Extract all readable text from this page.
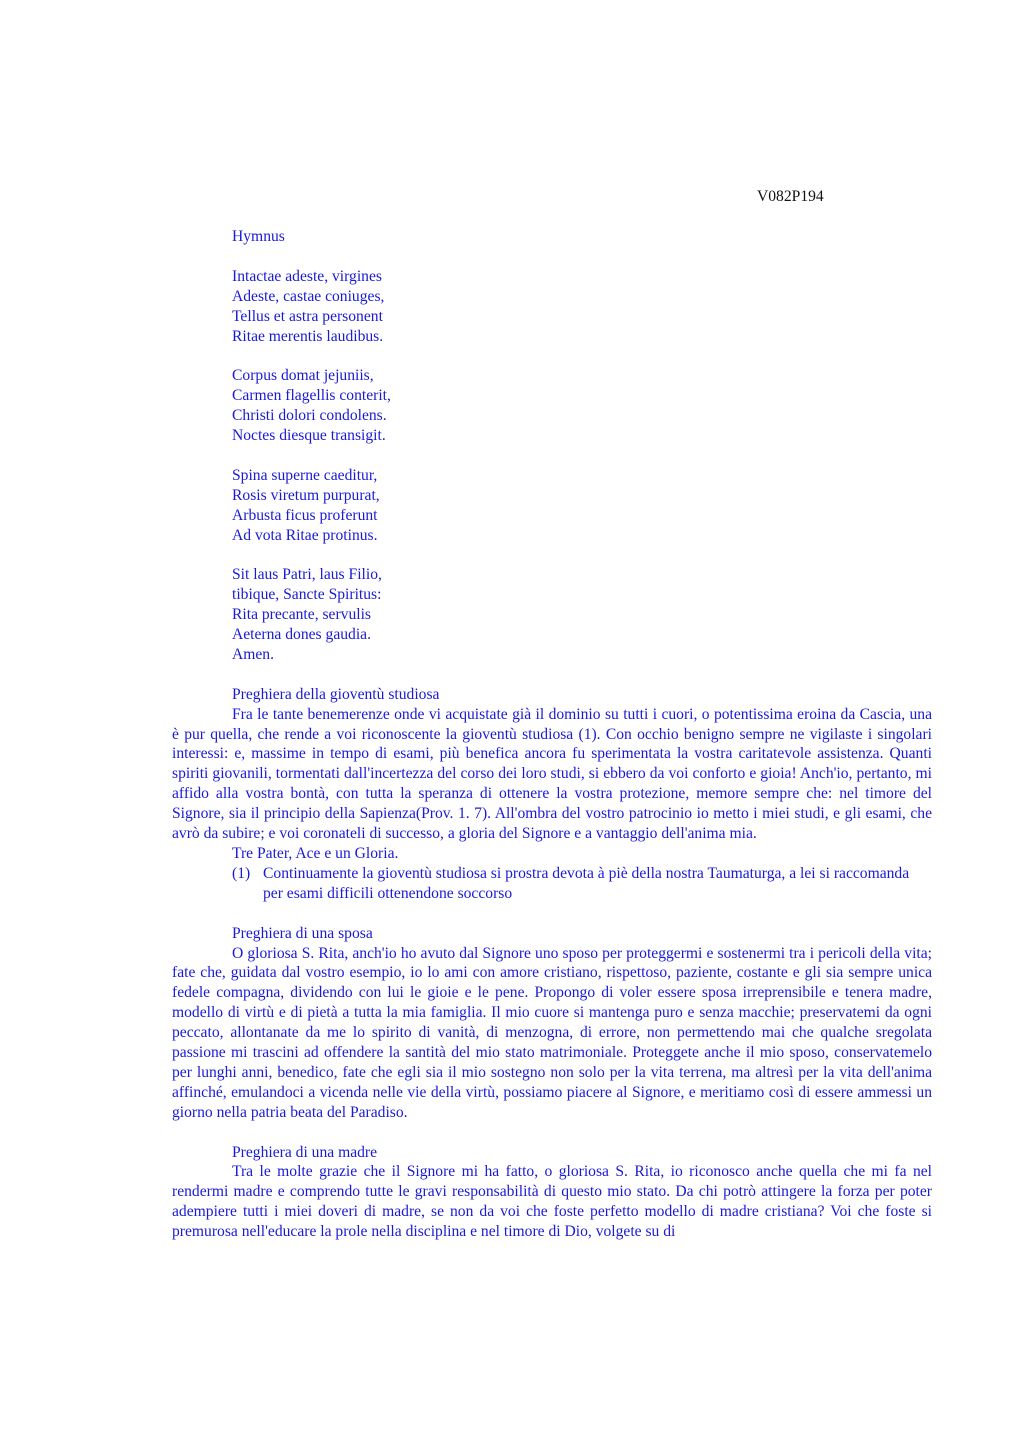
V082P194

Hymnus

Intactae adeste, virgines

Adeste, castae coniuges,

Tellus et astra personent

Ritae merentis laudibus.

Corpus domat jejuniis,

Carmen flagellis conterit,

Christi dolori condolens.

Noctes diesque transigit.

Spina superne caeditur,

Rosis viretum purpurat,

Arbusta ficus proferunt

Ad vota Ritae protinus.

Sit laus Patri, laus Filio,

tibique, Sancte Spiritus:

Rita precante, servulis

Aeterna dones gaudia.

Amen.

Preghiera della gioventù studiosa

Fra le tante benemerenze onde vi acquistate già il dominio su tutti i cuori, o potentissima eroina da Cascia, una è pur quella, che rende a voi riconoscente la gioventù studiosa (1). Con occhio benigno sempre ne vigilaste i singolari interessi: e, massime in tempo di esami, più benefica ancora fu sperimentata la vostra caritatevole assistenza. Quanti spiriti giovanili, tormentati dall'incertezza del corso dei loro studi, si ebbero da voi conforto e gioia! Anch'io, pertanto, mi affido alla vostra bontà, con tutta la speranza di ottenere la vostra protezione, memore sempre che: nel timore del Signore, sia il principio della Sapienza(Prov. 1. 7). All'ombra del vostro patrocinio io metto i miei studi, e gli esami, che avrò da subire; e voi coronateli di successo, a gloria del Signore e a vantaggio dell'anima mia.

Tre Pater, Ace e un Gloria.

(1) Continuamente la gioventù studiosa si prostra devota à piè della nostra Taumaturga, a lei si raccomanda per esami difficili ottenendone soccorso

Preghiera di una sposa

O gloriosa S. Rita, anch'io ho avuto dal Signore uno sposo per proteggermi e sostenermi tra i pericoli della vita; fate che, guidata dal vostro esempio, io lo ami con amore cristiano, rispettoso, paziente, costante e gli sia sempre unica fedele compagna, dividendo con lui le gioie e le pene. Propongo di voler essere sposa irreprensibile e tenera madre, modello di virtù e di pietà a tutta la mia famiglia. Il mio cuore si mantenga puro e senza macchie; preservatemi da ogni peccato, allontanate da me lo spirito di vanità, di menzogna, di errore, non permettendo mai che qualche sregolata passione mi trascini ad offendere la santità del mio stato matrimoniale. Proteggete anche il mio sposo, conservatemelo per lunghi anni, benedico, fate che egli sia il mio sostegno non solo per la vita terrena, ma altresì per la vita dell'anima affinché, emulandoci a vicenda nelle vie della virtù, possiamo piacere al Signore, e meritiamo così di essere ammessi un giorno nella patria beata del Paradiso.

Preghiera di una madre

Tra le molte grazie che il Signore mi ha fatto, o gloriosa S. Rita, io riconosco anche quella che mi fa nel rendermi madre e comprendo tutte le gravi responsabilità di questo mio stato. Da chi potrò attingere la forza per poter adempiere tutti i miei doveri di madre, se non da voi che foste perfetto modello di madre cristiana? Voi che foste si premurosa nell'educare la prole nella disciplina e nel timore di Dio, volgete su di
